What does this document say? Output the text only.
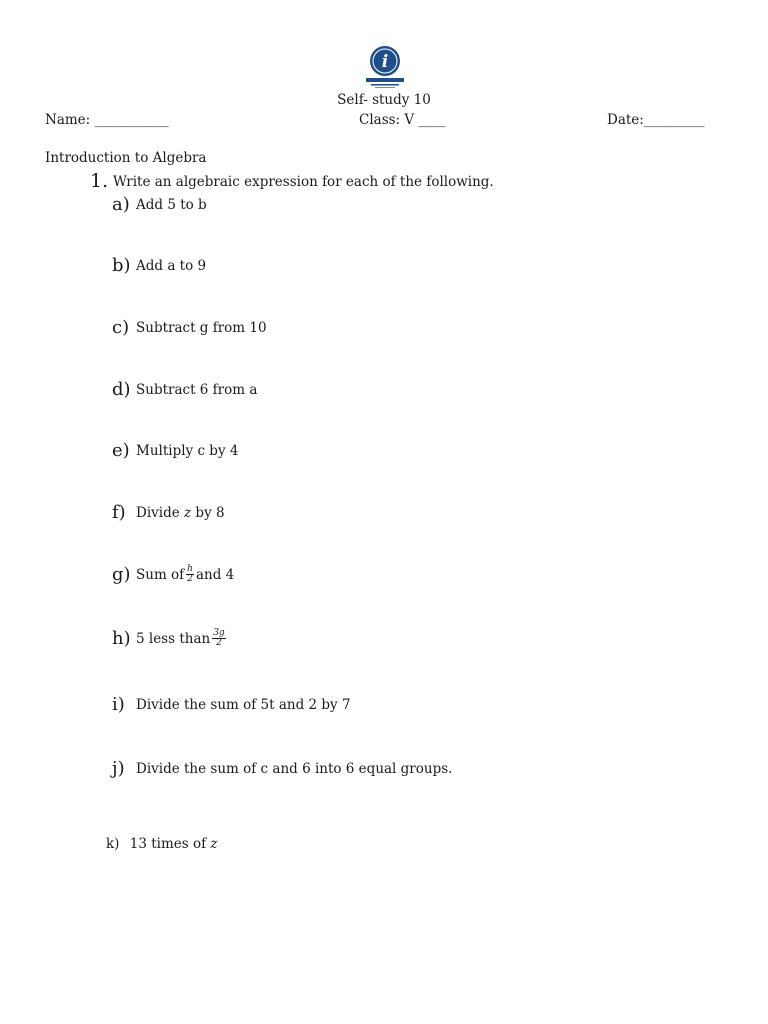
i
Self- study 10
Name: ___________	Class: V ____	Date:_________
Introduction to Algebra
1. Write an algebraic expression for each of the following.
a) Add 5 to b
b) Add a to 9
c) Subtract g from 10
d) Subtract 6 from a
e) Multiply c by 4
f) Divide z by 8
g) Sum of $\frac{h}{2}$ and 4
h) 5 less than $\frac{3g}{2}$
i) Divide the sum of 5t and 2 by 7
j) Divide the sum of c and 6 into 6 equal groups.
k) 13 times of z
